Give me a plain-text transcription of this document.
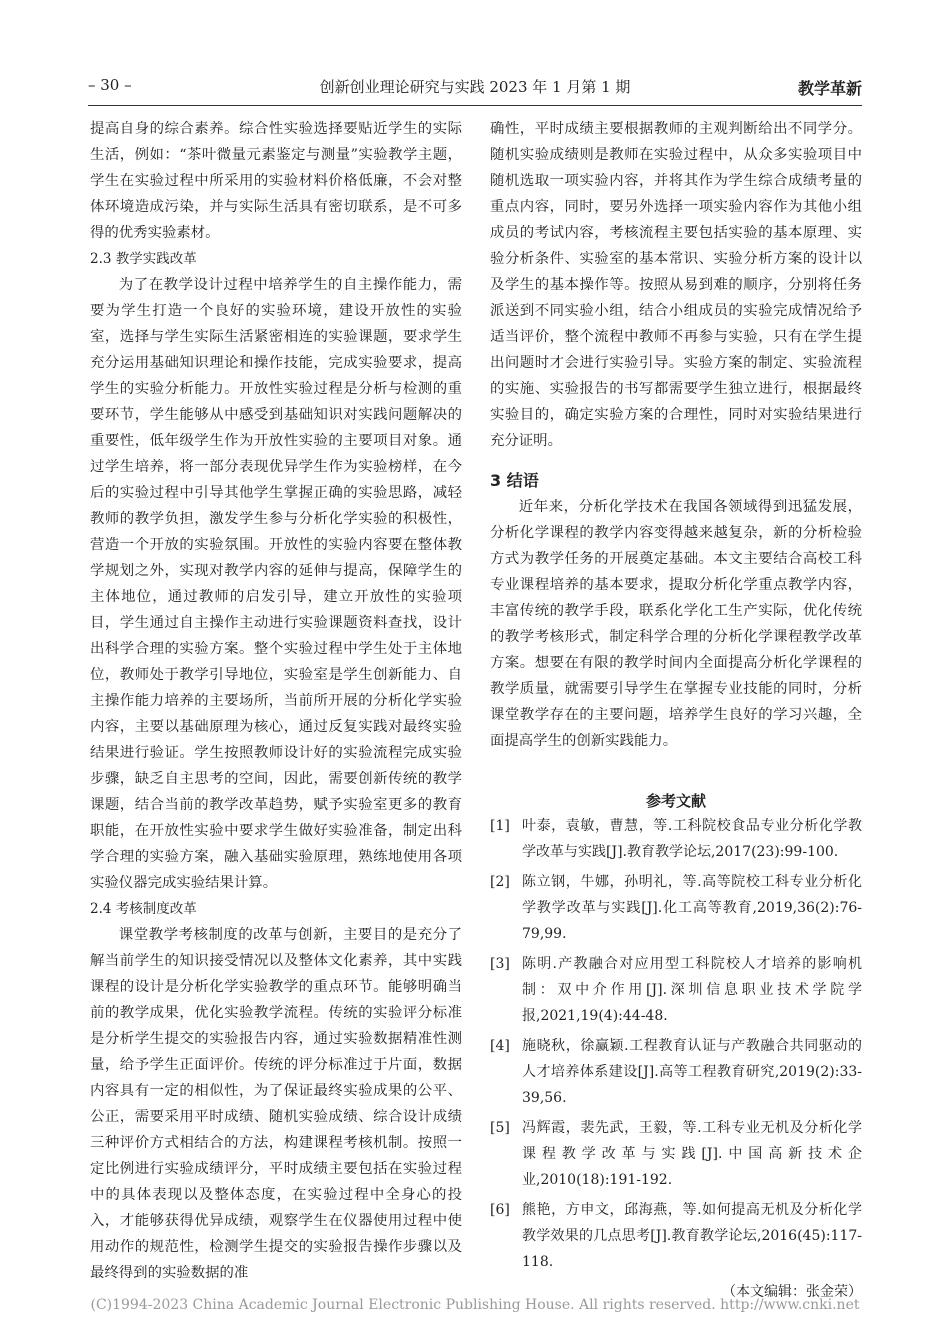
– 30 –	创新创业理论研究与实践 2023 年 1 月第 1 期	教学革新

提高自身的综合素养。综合性实验选择要贴近学生的实际生活，例如：“茶叶微量元素鉴定与测量”实验教学主题，学生在实验过程中所采用的实验材料价格低廉，不会对整体环境造成污染，并与实际生活具有密切联系，是不可多得的优秀实验素材。

2.3 教学实践改革

为了在教学设计过程中培养学生的自主操作能力，需要为学生打造一个良好的实验环境，建设开放性的实验室，选择与学生实际生活紧密相连的实验课题，要求学生充分运用基础知识理论和操作技能，完成实验要求，提高学生的实验分析能力。开放性实验过程是分析与检测的重要环节，学生能够从中感受到基础知识对实践问题解决的重要性，低年级学生作为开放性实验的主要项目对象。通过学生培养，将一部分表现优异学生作为实验榜样，在今后的实验过程中引导其他学生掌握正确的实验思路，减轻教师的教学负担，激发学生参与分析化学实验的积极性，营造一个开放的实验氛围。开放性的实验内容要在整体教学规划之外，实现对教学内容的延伸与提高，保障学生的主体地位，通过教师的启发引导，建立开放性的实验项目，学生通过自主操作主动进行实验课题资料查找，设计出科学合理的实验方案。整个实验过程中学生处于主体地位，教师处于教学引导地位，实验室是学生创新能力、自主操作能力培养的主要场所，当前所开展的分析化学实验内容，主要以基础原理为核心，通过反复实践对最终实验结果进行验证。学生按照教师设计好的实验流程完成实验步骤，缺乏自主思考的空间，因此，需要创新传统的教学课题，结合当前的教学改革趋势，赋予实验室更多的教育职能，在开放性实验中要求学生做好实验准备，制定出科学合理的实验方案，融入基础实验原理，熟练地使用各项实验仪器完成实验结果计算。

2.4 考核制度改革

课堂教学考核制度的改革与创新，主要目的是充分了解当前学生的知识接受情况以及整体文化素养，其中实践课程的设计是分析化学实验教学的重点环节。能够明确当前的教学成果，优化实验教学流程。传统的实验评分标准是分析学生提交的实验报告内容，通过实验数据精准性测量，给予学生正面评价。传统的评分标准过于片面，数据内容具有一定的相似性，为了保证最终实验成果的公平、公正，需要采用平时成绩、随机实验成绩、综合设计成绩三种评价方式相结合的方法，构建课程考核机制。按照一定比例进行实验成绩评分，平时成绩主要包括在实验过程中的具体表现以及整体态度，在实验过程中全身心的投入，才能够获得优异成绩，观察学生在仪器使用过程中使用动作的规范性，检测学生提交的实验报告操作步骤以及最终得到的实验数据的准

确性，平时成绩主要根据教师的主观判断给出不同学分。随机实验成绩则是教师在实验过程中，从众多实验项目中随机选取一项实验内容，并将其作为学生综合成绩考量的重点内容，同时，要另外选择一项实验内容作为其他小组成员的考试内容，考核流程主要包括实验的基本原理、实验分析条件、实验室的基本常识、实验分析方案的设计以及学生的基本操作等。按照从易到难的顺序，分别将任务派送到不同实验小组，结合小组成员的实验完成情况给予适当评价，整个流程中教师不再参与实验，只有在学生提出问题时才会进行实验引导。实验方案的制定、实验流程的实施、实验报告的书写都需要学生独立进行，根据最终实验目的，确定实验方案的合理性，同时对实验结果进行充分证明。

3 结语

近年来，分析化学技术在我国各领域得到迅猛发展，分析化学课程的教学内容变得越来越复杂，新的分析检验方式为教学任务的开展奠定基础。本文主要结合高校工科专业课程培养的基本要求，提取分析化学重点教学内容，丰富传统的教学手段，联系化学化工生产实际，优化传统的教学考核形式，制定科学合理的分析化学课程教学改革方案。想要在有限的教学时间内全面提高分析化学课程的教学质量，就需要引导学生在掌握专业技能的同时，分析课堂教学存在的主要问题，培养学生良好的学习兴趣，全面提高学生的创新实践能力。

参考文献
[1] 叶泰，袁敏，曹慧，等.工科院校食品专业分析化学教学改革与实践[J].教育教学论坛,2017(23):99-100.
[2] 陈立钢，牛娜，孙明礼，等.高等院校工科专业分析化学教学改革与实践[J].化工高等教育,2019,36(2):76-79,99.
[3] 陈明.产教融合对应用型工科院校人才培养的影响机制：双中介作用[J].深圳信息职业技术学院学报,2021,19(4):44-48.
[4] 施晓秋，徐赢颖.工程教育认证与产教融合共同驱动的人才培养体系建设[J].高等工程教育研究,2019(2):33-39,56.
[5] 冯辉霞，裴先武，王毅，等.工科专业无机及分析化学课程教学改革与实践[J].中国高新技术企业,2010(18):191-192.
[6] 熊艳，方申文，邱海燕，等.如何提高无机及分析化学教学效果的几点思考[J].教育教学论坛,2016(45):117-118.
（本文编辑：张金荣）
(C)1994-2023 China Academic Journal Electronic Publishing House. All rights reserved. http://www.cnki.net
